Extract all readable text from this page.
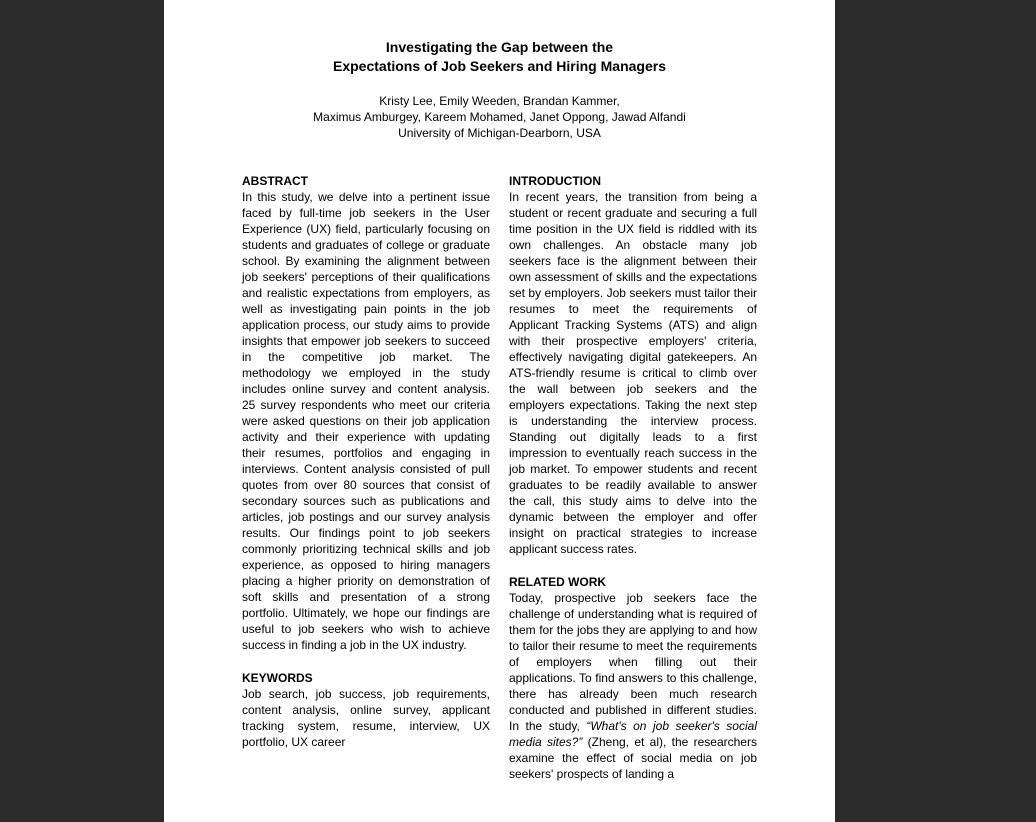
Investigating the Gap between the
Expectations of Job Seekers and Hiring Managers
Kristy Lee, Emily Weeden, Brandan Kammer,
Maximus Amburgey, Kareem Mohamed, Janet Oppong, Jawad Alfandi
University of Michigan-Dearborn, USA
ABSTRACT

In this study, we delve into a pertinent issue faced by full-time job seekers in the User Experience (UX) field, particularly focusing on students and graduates of college or graduate school. By examining the alignment between job seekers' perceptions of their qualifications and realistic expectations from employers, as well as investigating pain points in the job application process, our study aims to provide insights that empower job seekers to succeed in the competitive job market. The methodology we employed in the study includes online survey and content analysis. 25 survey respondents who meet our criteria were asked questions on their job application activity and their experience with updating their resumes, portfolios and engaging in interviews. Content analysis consisted of pull quotes from over 80 sources that consist of secondary sources such as publications and articles, job postings and our survey analysis results. Our findings point to job seekers commonly prioritizing technical skills and job experience, as opposed to hiring managers placing a higher priority on demonstration of soft skills and presentation of a strong portfolio. Ultimately, we hope our findings are useful to job seekers who wish to achieve success in finding a job in the UX industry.

KEYWORDS

Job search, job success, job requirements, content analysis, online survey, applicant tracking system, resume, interview, UX portfolio, UX career

INTRODUCTION

In recent years, the transition from being a student or recent graduate and securing a full time position in the UX field is riddled with its own challenges. An obstacle many job seekers face is the alignment between their own assessment of skills and the expectations set by employers. Job seekers must tailor their resumes to meet the requirements of Applicant Tracking Systems (ATS) and align with their prospective employers' criteria, effectively navigating digital gatekeepers. An ATS-friendly resume is critical to climb over the wall between job seekers and the employers expectations. Taking the next step is understanding the interview process. Standing out digitally leads to a first impression to eventually reach success in the job market. To empower students and recent graduates to be readily available to answer the call, this study aims to delve into the dynamic between the employer and offer insight on practical strategies to increase applicant success rates.

RELATED WORK

Today, prospective job seekers face the challenge of understanding what is required of them for the jobs they are applying to and how to tailor their resume to meet the requirements of employers when filling out their applications. To find answers to this challenge, there has already been much research conducted and published in different studies. In the study, “What's on job seeker's social media sites?” (Zheng, et al), the researchers examine the effect of social media on job seekers' prospects of landing a
